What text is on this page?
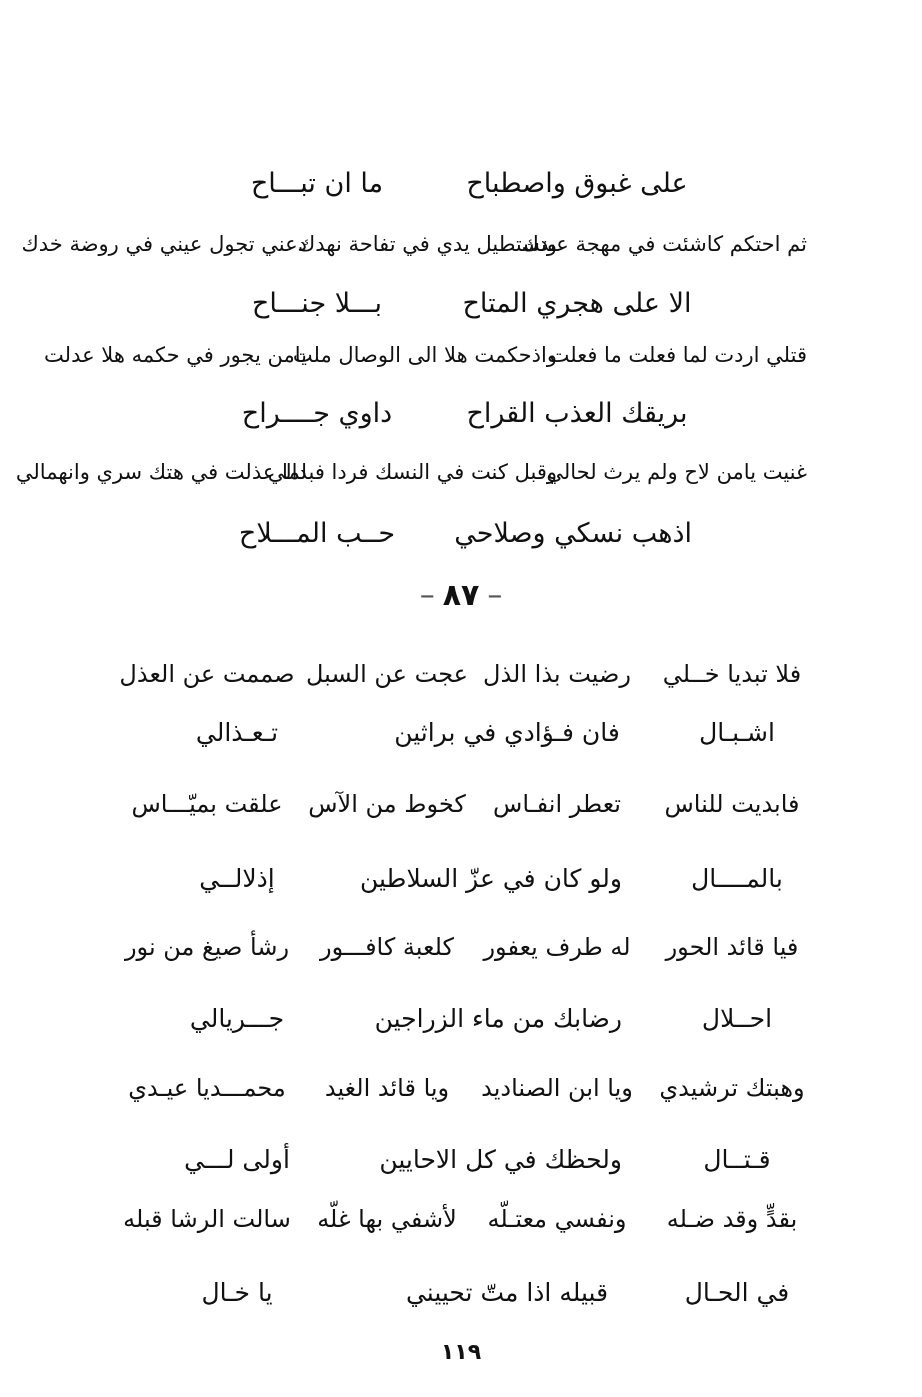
ما ان تبـــاح	على غبوق واصطباح
دعني تجول عيني في روضة خدك
وتستطيل يدي في تفاحة نهدك
ثم احتكم كاشئت في مهجة عبدك
بـــلا جنـــاح	الا على هجري المتاح
يامن يجور في حكمه هلا عدلت
واذحكمت هلا الى الوصال ملت
قتلي اردت لما فعلت ما فعلت
داوي جــــراح	بريقك العذب القراح
لما عذلت في هتك سري وانهمالي
وقبل كنت في النسك فردا فبدالي
غنيت يامن لاح ولم يرث لحالي
حــب المـــلاح	اذهب نسكي وصلاحي
– ٨٧ –
صممت عن العذل عجت عن السبل رضيت بذا الذل	فلا تبديا خــلي
تـعـذالي	فان فـؤادي في براثين	اشـبـال
علقت بميّـــاس	كخوط من الآس	تعطر انفـاس	فابديت للناس
إذلالــي	ولو كان في عزّ السلاطين	بالمــــال
رشأ صيغ من نور	كلعبة كافـــور	له طرف يعفور	فيا قائد الحور
جـــريالي	رضابك من ماء الزراجين	احــلال
محمـــديا عيـدي	ويا قائد الغيد	ويا ابن الصناديد	وهبتك ترشيدي
أولى لـــي	ولحظك في كل الاحايين	قـتــال
سالت الرشا قبله	لأشفي بها غلّه	ونفسي معتـلّه	بقدٍّ وقد ضـله
يا خـال	قبيله اذا متّ تحييني	في الحـال
١١٩
